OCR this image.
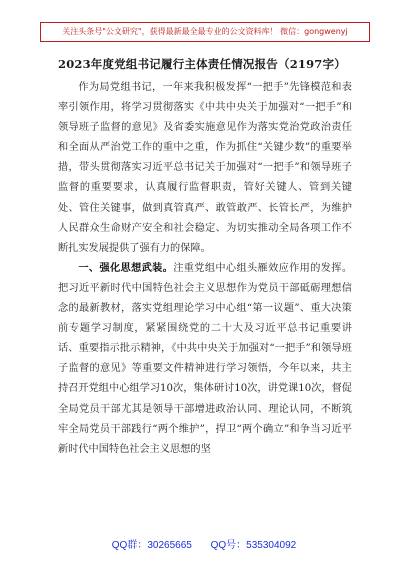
关注头条号"公文研究"，获得最新最全最专业的公文资料库！ 微信：gongwenyj
2023年度党组书记履行主体责任情况报告（2197字）

作为局党组书记，一年来我积极发挥“一把手”先锋模范和表率引领作用，将学习贯彻落实《中共中央关于加强对“一把手”和领导班子监督的意见》及省委实施意见作为落实党治党政治责任和全面从严治党工作的重中之重，作为抓住“关键少数”的重要举措，带头贯彻落实习近平总书记关于加强对“一把手”和领导班子监督的重要要求，认真履行监督职责，管好关键人、管到关键处、管住关键事，做到真管真严、敢管敢严、长管长严，为维护人民群众生命财产安全和社会稳定、为切实推动全局各项工作不断扎实发展提供了强有力的保障。

一、强化思想武装。注重党组中心组头雁效应作用的发挥。把习近平新时代中国特色社会主义思想作为党员干部砥砺理想信念的最新教材，落实党组理论学习中心组“第一议题”、重大决策前专题学习制度，紧紧围绕党的二十大及习近平总书记重要讲话、重要指示批示精神，《中共中央关于加强对“一把手”和领导班子监督的意见》等重要文件精神进行学习领悟，今年以来，共主持召开党组中心组学习10次，集体研讨10次，讲党课10次，督促全局党员干部尤其是领导干部增进政治认同、理论认同，不断筑牢全局党员干部践行“两个维护”，捍卫“两个确立”和争当习近平新时代中国特色社会主义思想的坚

QQ群：30265665 QQ号：535304092
